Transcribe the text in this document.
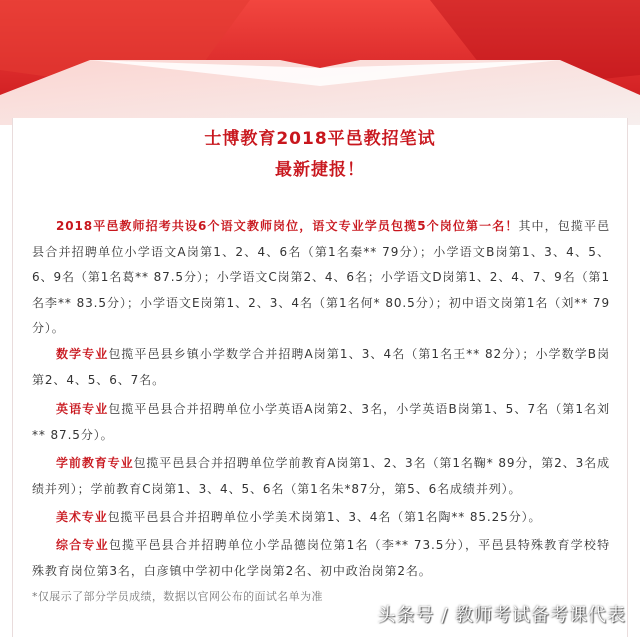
士博教育2018平邑教招笔试
最新捷报！

2018平邑教师招考共设6个语文教师岗位，语文专业学员包揽5个岗位第一名！其中，包揽平邑县合并招聘单位小学语文A岗第1、2、4、6名（第1名秦** 79分）；小学语文B岗第1、3、4、5、6、9名（第1名葛** 87.5分）；小学语文C岗第2、4、6名；小学语文D岗第1、2、4、7、9名（第1名李** 83.5分）；小学语文E岗第1、2、3、4名（第1名何* 80.5分）；初中语文岗第1名（刘** 79分）。

数学专业包揽平邑县乡镇小学数学合并招聘A岗第1、3、4名（第1名王** 82分）；小学数学B岗第2、4、5、6、7名。

英语专业包揽平邑县合并招聘单位小学英语A岗第2、3名，小学英语B岗第1、5、7名（第1名刘** 87.5分）。

学前教育专业包揽平邑县合并招聘单位学前教育A岗第1、2、3名（第1名鞠* 89分，第2、3名成绩并列）；学前教育C岗第1、3、4、5、6名（第1名朱*87分，第5、6名成绩并列）。

美术专业包揽平邑县合并招聘单位小学美术岗第1、3、4名（第1名陶** 85.25分）。

综合专业包揽平邑县合并招聘单位小学品德岗位第1名（李** 73.5分），平邑县特殊教育学校特殊教育岗位第3名，白彦镇中学初中化学岗第2名、初中政治岗第2名。

*仅展示了部分学员成绩，数据以官网公布的面试名单为准
头条号 / 教师考试备考课代表
